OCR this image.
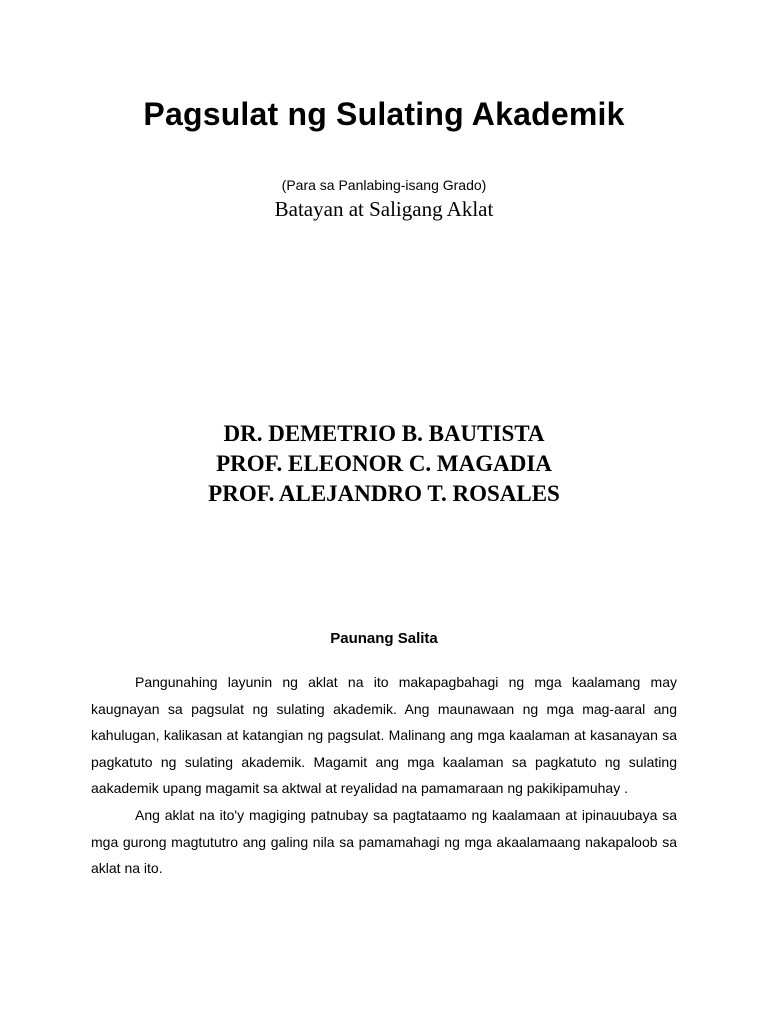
Pagsulat ng Sulating Akademik
(Para sa Panlabing-isang Grado)
Batayan at Saligang Aklat
DR. DEMETRIO B. BAUTISTA
PROF. ELEONOR C. MAGADIA
PROF. ALEJANDRO T. ROSALES
Paunang Salita

Pangunahing layunin ng aklat na ito makapagbahagi ng mga kaalamang may kaugnayan sa pagsulat ng sulating akademik. Ang maunawaan ng mga mag-aaral ang kahulugan, kalikasan at katangian ng pagsulat. Malinang ang mga kaalaman at kasanayan sa pagkatuto ng sulating akademik. Magamit ang mga kaalaman sa pagkatuto ng sulating aakademik upang magamit sa aktwal at reyalidad na pamamaraan ng pakikipamuhay .

Ang aklat na ito'y magiging patnubay sa pagtataamo ng kaalamaan at ipinauubaya sa mga gurong magtututro ang galing nila sa pamamahagi ng mga akaalamaang nakapaloob sa aklat na ito.
